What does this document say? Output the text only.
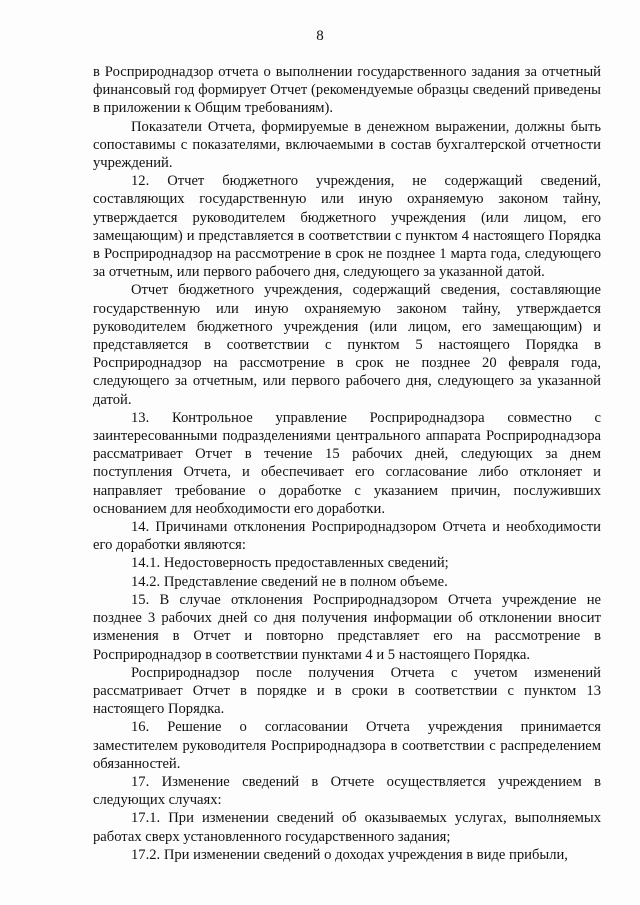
8

в Росприроднадзор отчета о выполнении государственного задания за отчетный финансовый год формирует Отчет (рекомендуемые образцы сведений приведены в приложении к Общим требованиям).

Показатели Отчета, формируемые в денежном выражении, должны быть сопоставимы с показателями, включаемыми в состав бухгалтерской отчетности учреждений.

12. Отчет бюджетного учреждения, не содержащий сведений, составляющих государственную или иную охраняемую законом тайну, утверждается руководителем бюджетного учреждения (или лицом, его замещающим) и представляется в соответствии с пунктом 4 настоящего Порядка в Росприроднадзор на рассмотрение в срок не позднее 1 марта года, следующего за отчетным, или первого рабочего дня, следующего за указанной датой.

Отчет бюджетного учреждения, содержащий сведения, составляющие государственную или иную охраняемую законом тайну, утверждается руководителем бюджетного учреждения (или лицом, его замещающим) и представляется в соответствии с пунктом 5 настоящего Порядка в Росприроднадзор на рассмотрение в срок не позднее 20 февраля года, следующего за отчетным, или первого рабочего дня, следующего за указанной датой.

13. Контрольное управление Росприроднадзора совместно с заинтересованными подразделениями центрального аппарата Росприроднадзора рассматривает Отчет в течение 15 рабочих дней, следующих за днем поступления Отчета, и обеспечивает его согласование либо отклоняет и направляет требование о доработке с указанием причин, послуживших основанием для необходимости его доработки.

14. Причинами отклонения Росприроднадзором Отчета и необходимости его доработки являются:

14.1. Недостоверность предоставленных сведений;

14.2. Представление сведений не в полном объеме.

15. В случае отклонения Росприроднадзором Отчета учреждение не позднее 3 рабочих дней со дня получения информации об отклонении вносит изменения в Отчет и повторно представляет его на рассмотрение в Росприроднадзор в соответствии пунктами 4 и 5 настоящего Порядка.

Росприроднадзор после получения Отчета с учетом изменений рассматривает Отчет в порядке и в сроки в соответствии с пунктом 13 настоящего Порядка.

16. Решение о согласовании Отчета учреждения принимается заместителем руководителя Росприроднадзора в соответствии с распределением обязанностей.

17. Изменение сведений в Отчете осуществляется учреждением в следующих случаях:

17.1. При изменении сведений об оказываемых услугах, выполняемых работах сверх установленного государственного задания;

17.2. При изменении сведений о доходах учреждения в виде прибыли,
